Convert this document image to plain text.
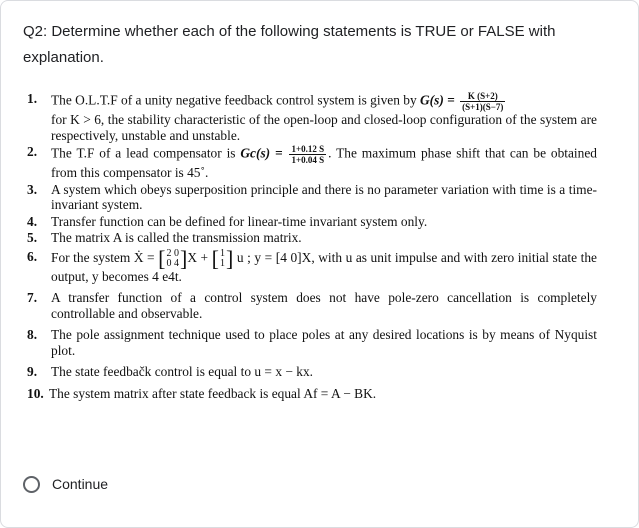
Q2: Determine whether each of the following statements is TRUE or FALSE with explanation.
1.	The O.L.T.F of a unity negative feedback control system is given by $G(s) = \frac{K (S+2)}{(S+1)(S-7)}$

for K > 6, the stability characteristic of the open-loop and closed-loop configuration of the system are respectively, unstable and unstable.
2.	The T.F of a lead compensator is $Gc(s) = \frac{1+0.12 S}{1+0.04 S}$ . The maximum phase shift that can be obtained from this compensator is 45˚.
3.	A system which obeys superposition principle and there is no parameter variation with time is a time-invariant system.
4.	Transfer function can be defined for linear-time invariant system only.
5.	The matrix A is called the transmission matrix.
6.	For the system Ẋ = [ 2 0
0 4 ]X + [ 1
1 ] u ; y = [4 0]X, with u as unit impulse and with zero initial state the output, y becomes 4 e4t.
7.	A transfer function of a control system does not have pole-zero cancellation is completely controllable and observable.
8.	The pole assignment technique used to place poles at any desired locations is by means of Nyquist plot.
9.	The state feedbačk control is equal to u = x − kx.
10. The system matrix after state feedback is equal Af = A − BK.
Continue
